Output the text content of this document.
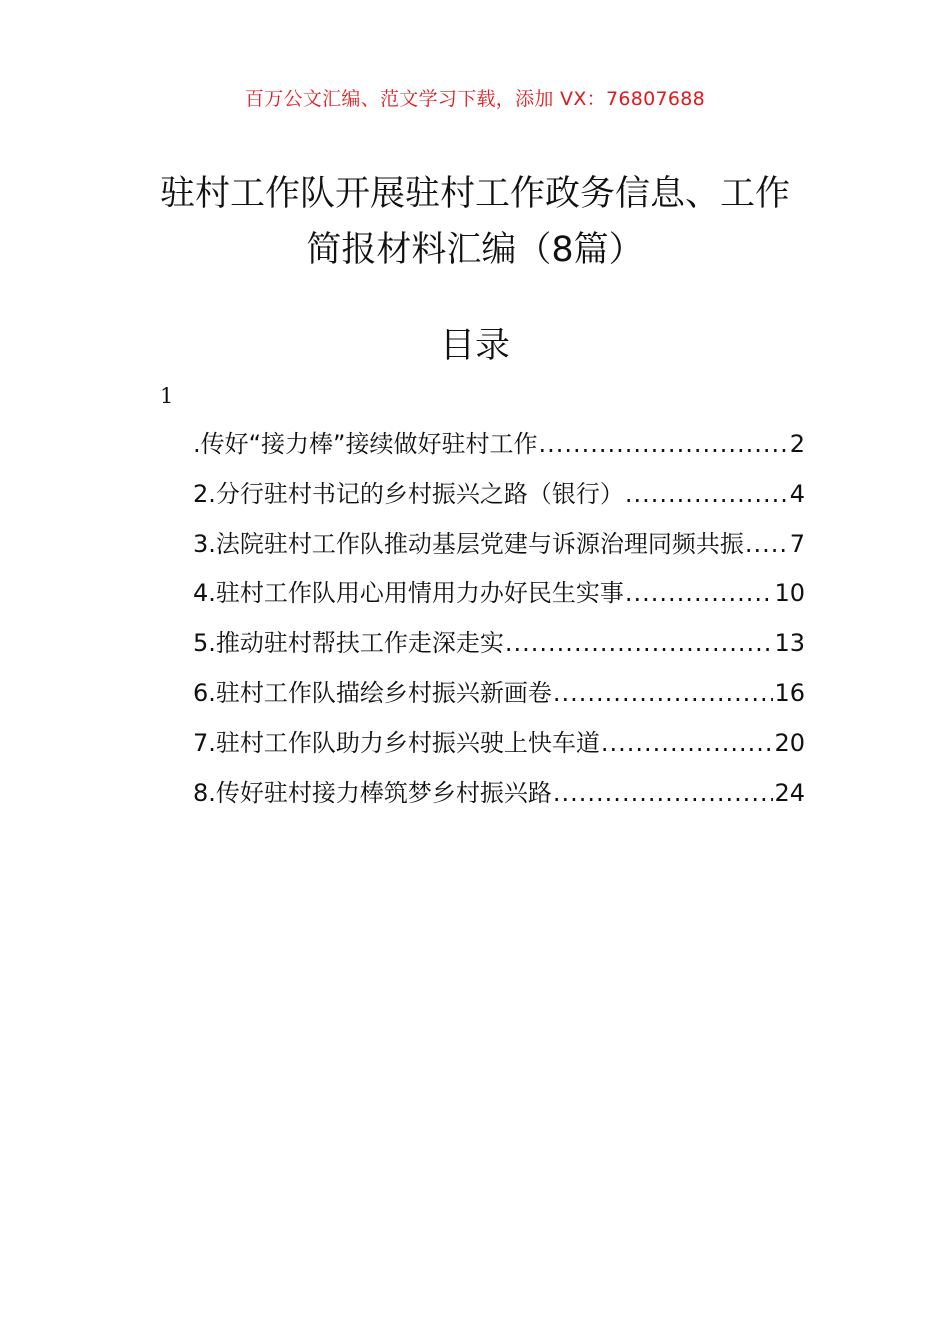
百万公文汇编、范文学习下载，添加 VX：76807688
驻村工作队开展驻村工作政务信息、工作
简报材料汇编（8篇）
目录
1
.传好“接力棒”接续做好驻村工作 .....	2
2.分行驻村书记的乡村振兴之路（银行） .....	4
3.法院驻村工作队推动基层党建与诉源治理同频共振 ..... 7
4.驻村工作队用心用情用力办好民生实事 .....	10
5.推动驻村帮扶工作走深走实 .....	13
6.驻村工作队描绘乡村振兴新画卷 .....	16
7.驻村工作队助力乡村振兴驶上快车道 .....	20
8.传好驻村接力棒筑梦乡村振兴路 .....	24
